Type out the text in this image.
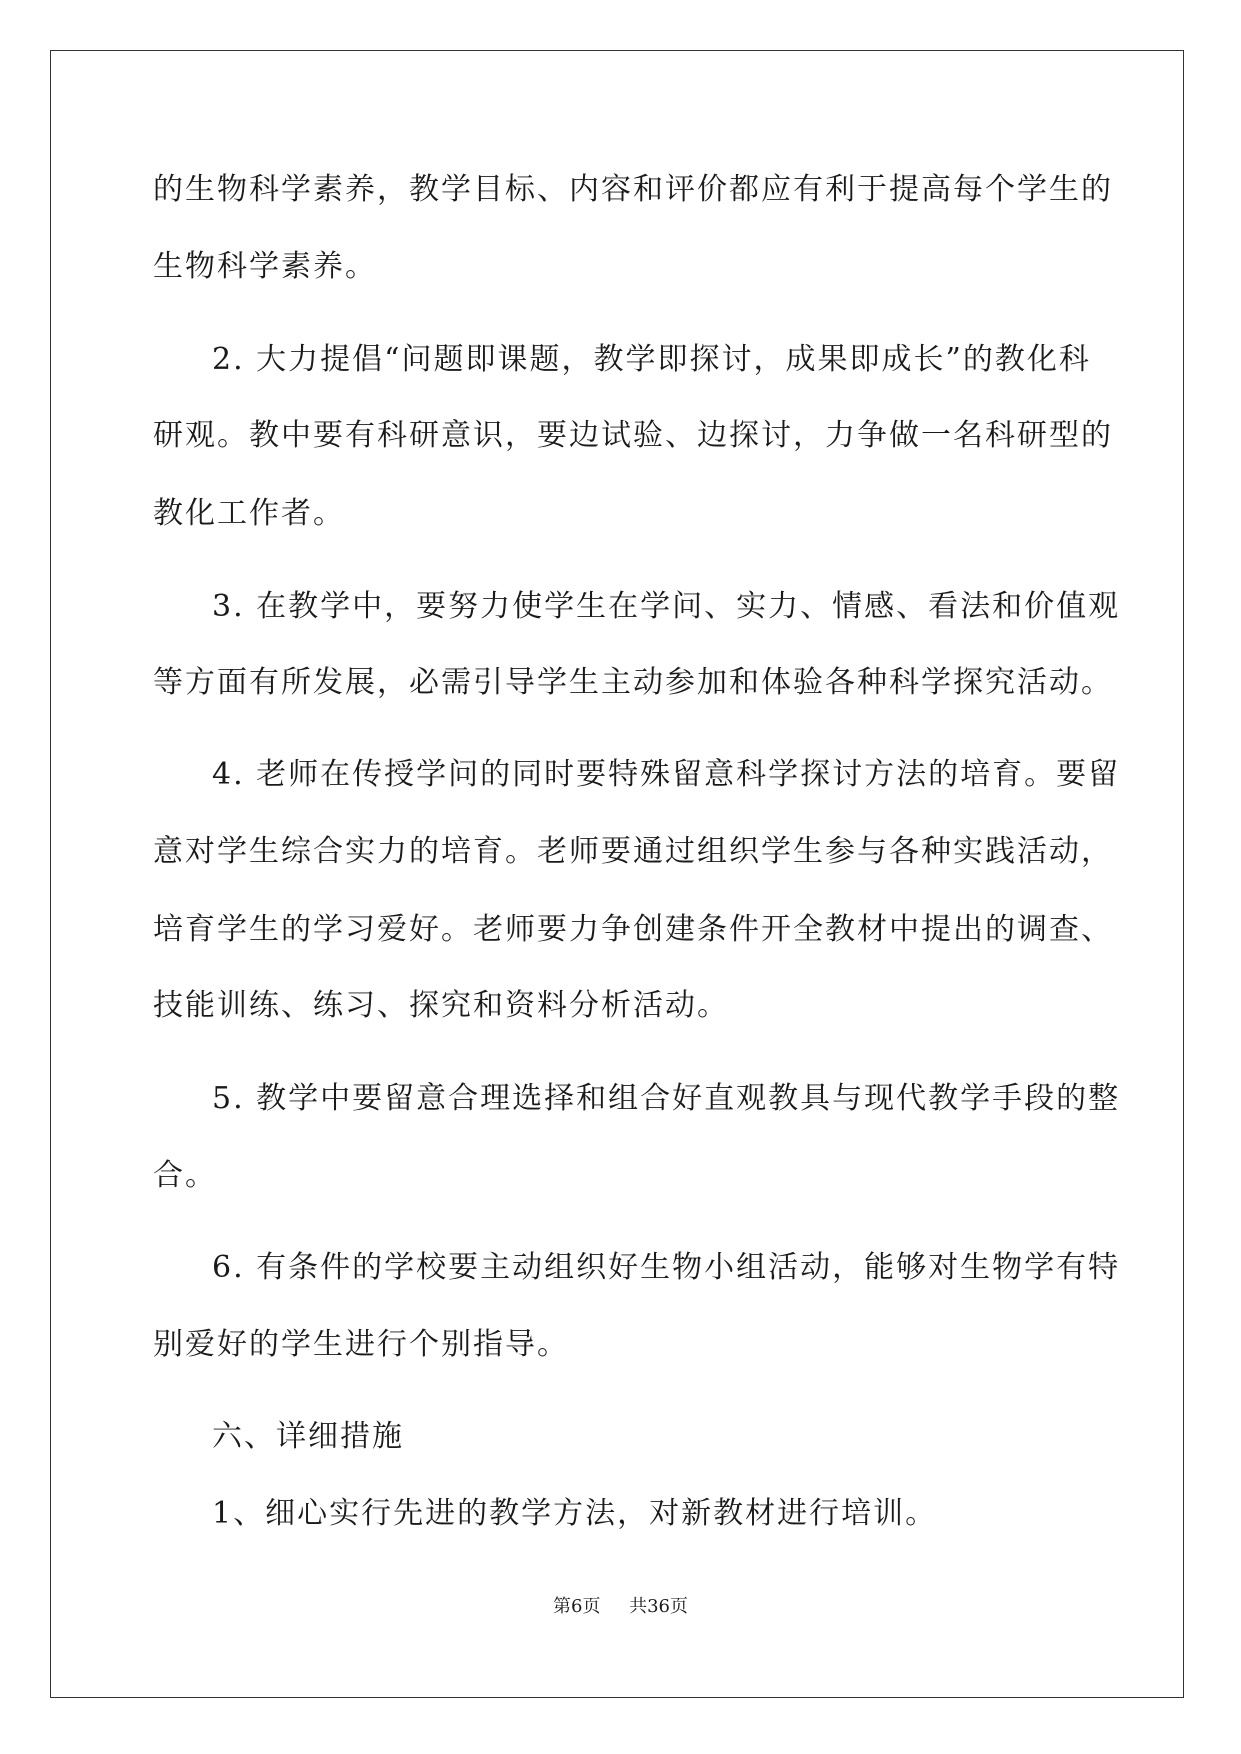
的生物科学素养，教学目标、内容和评价都应有利于提高每个学生的
生物科学素养。
2. 大力提倡“问题即课题，教学即探讨，成果即成长”的教化科
研观。教中要有科研意识，要边试验、边探讨，力争做一名科研型的
教化工作者。
3. 在教学中，要努力使学生在学问、实力、情感、看法和价值观
等方面有所发展，必需引导学生主动参加和体验各种科学探究活动。
4. 老师在传授学问的同时要特殊留意科学探讨方法的培育。要留
意对学生综合实力的培育。老师要通过组织学生参与各种实践活动，
培育学生的学习爱好。老师要力争创建条件开全教材中提出的调查、
技能训练、练习、探究和资料分析活动。
5. 教学中要留意合理选择和组合好直观教具与现代教学手段的整
合。
6. 有条件的学校要主动组织好生物小组活动，能够对生物学有特
别爱好的学生进行个别指导。
六、详细措施
1、细心实行先进的教学方法，对新教材进行培训。
第6页 共36页
